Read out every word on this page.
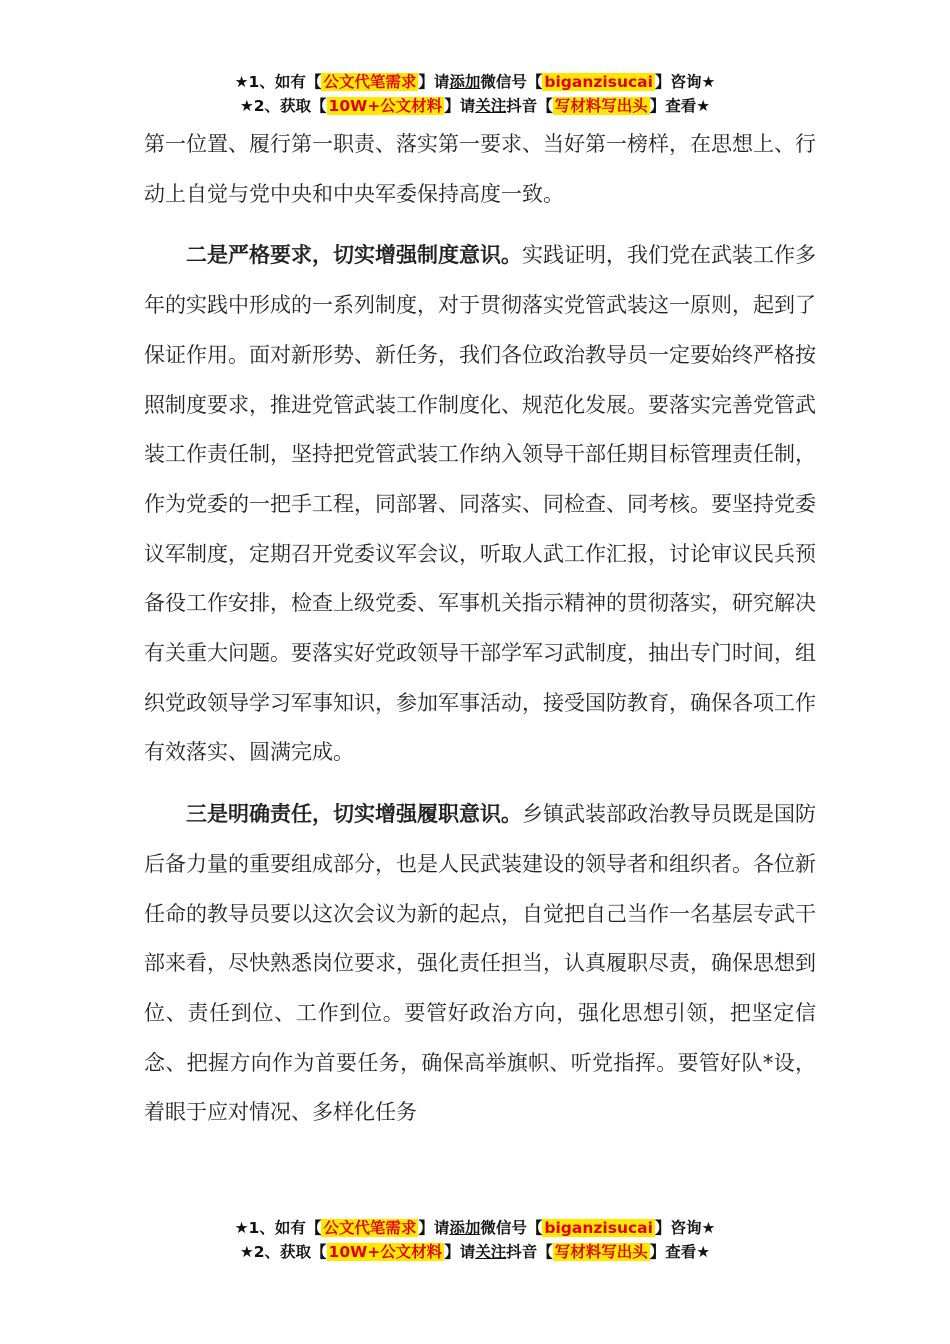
★1、如有【 公文代笔需求 】请添加微信号【 biganzisucai 】咨询★
★2、获取【 10W+公文材料 】请关注抖音【 写材料写出头 】查看★

第一位置、履行第一职责、落实第一要求、当好第一榜样，在思想上、行动上自觉与党中央和中央军委保持高度一致。

二是严格要求，切实增强制度意识。实践证明，我们党在武装工作多年的实践中形成的一系列制度，对于贯彻落实党管武装这一原则，起到了保证作用。面对新形势、新任务，我们各位政治教导员一定要始终严格按照制度要求，推进党管武装工作制度化、规范化发展。要落实完善党管武装工作责任制，坚持把党管武装工作纳入领导干部任期目标管理责任制，作为党委的一把手工程，同部署、同落实、同检查、同考核。要坚持党委议军制度，定期召开党委议军会议，听取人武工作汇报，讨论审议民兵预备役工作安排，检查上级党委、军事机关指示精神的贯彻落实，研究解决有关重大问题。要落实好党政领导干部学军习武制度，抽出专门时间，组织党政领导学习军事知识，参加军事活动，接受国防教育，确保各项工作有效落实、圆满完成。

三是明确责任，切实增强履职意识。乡镇武装部政治教导员既是国防后备力量的重要组成部分，也是人民武装建设的领导者和组织者。各位新任命的教导员要以这次会议为新的起点，自觉把自己当作一名基层专武干部来看，尽快熟悉岗位要求，强化责任担当，认真履职尽责，确保思想到位、责任到位、工作到位。要管好政治方向，强化思想引领，把坚定信念、把握方向作为首要任务，确保高举旗帜、听党指挥。要管好队*设，着眼于应对情况、多样化任务

★1、如有【 公文代笔需求 】请添加微信号【 biganzisucai 】咨询★
★2、获取【 10W+公文材料 】请关注抖音【 写材料写出头 】查看★
